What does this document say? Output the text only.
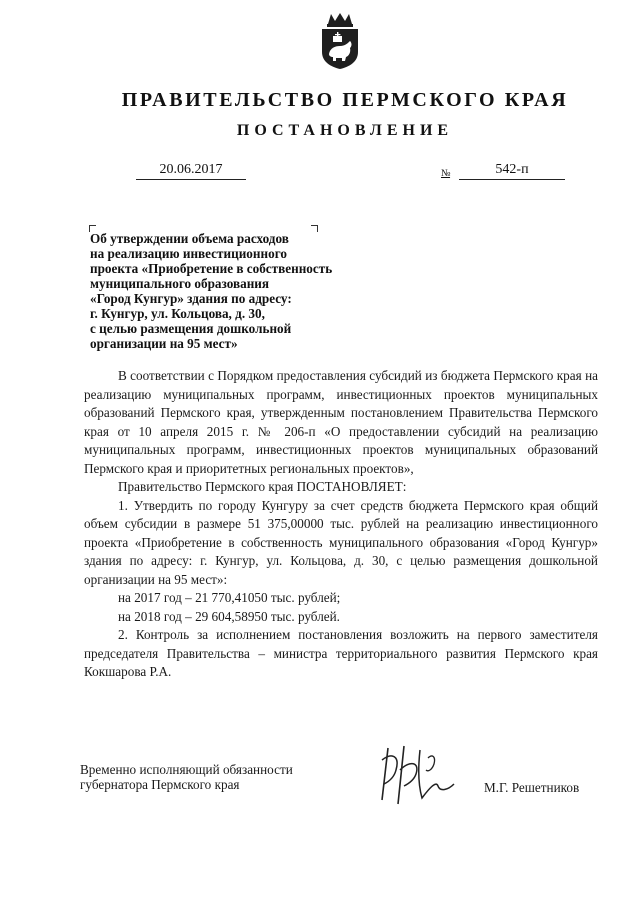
ПРАВИТЕЛЬСТВО ПЕРМСКОГО КРАЯ
ПОСТАНОВЛЕНИЕ
20.06.2017	№	542-п
Об утверждении объема расходов
на реализацию инвестиционного
проекта «Приобретение в собственность
муниципального образования
«Город Кунгур» здания по адресу:
г. Кунгур, ул. Кольцова, д. 30,
с целью размещения дошкольной
организации на 95 мест»

В соответствии с Порядком предоставления субсидий из бюджета Пермского края на реализацию муниципальных программ, инвестиционных проектов муниципальных образований Пермского края, утвержденным постановлением Правительства Пермского края от 10 апреля 2015 г. № 206-п «О предоставлении субсидий на реализацию муниципальных программ, инвестиционных проектов муниципальных образований Пермского края и приоритетных региональных проектов»,

Правительство Пермского края ПОСТАНОВЛЯЕТ:

1. Утвердить по городу Кунгуру за счет средств бюджета Пермского края общий объем субсидии в размере 51 375,00000 тыс. рублей на реализацию инвестиционного проекта «Приобретение в собственность муниципального образования «Город Кунгур» здания по адресу: г. Кунгур, ул. Кольцова, д. 30, с целью размещения дошкольной организации на 95 мест»:

на 2017 год – 21 770,41050 тыс. рублей;

на 2018 год – 29 604,58950 тыс. рублей.

2. Контроль за исполнением постановления возложить на первого заместителя председателя Правительства – министра территориального развития Пермского края Кокшарова Р.А.

Временно исполняющий обязанности
губернатора Пермского края	М.Г. Решетников
